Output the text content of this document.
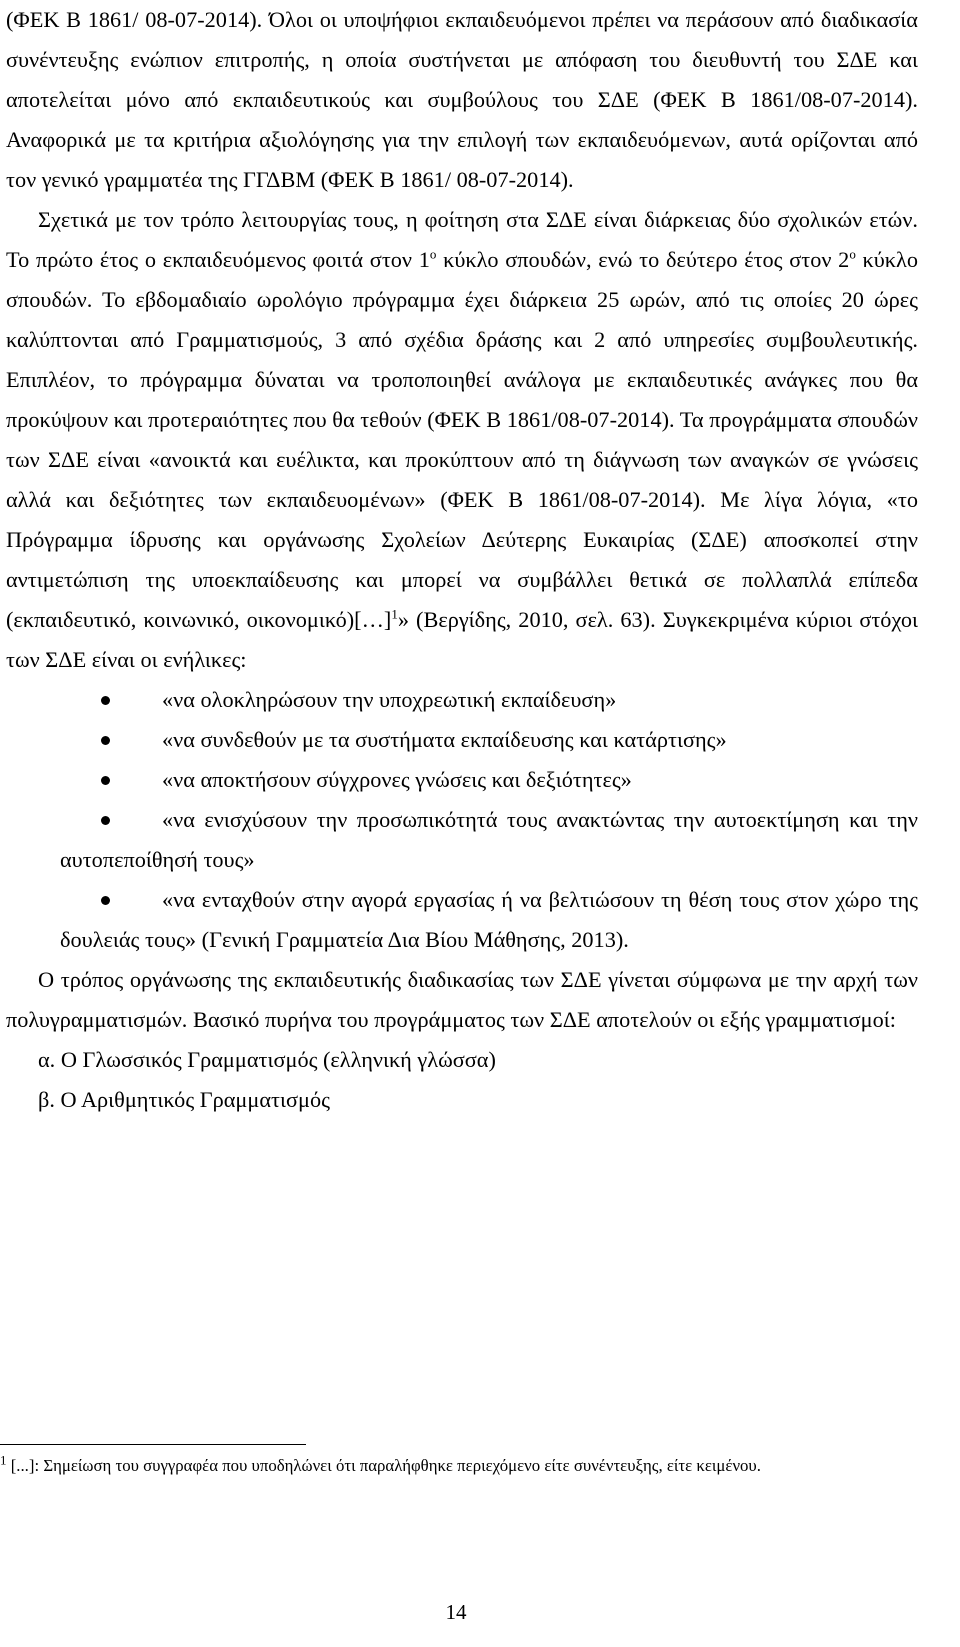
(ΦΕΚ Β 1861/ 08-07-2014). Όλοι οι υποψήφιοι εκπαιδευόμενοι πρέπει να περάσουν από διαδικασία συνέντευξης ενώπιον επιτροπής, η οποία συστήνεται με απόφαση του διευθυντή του ΣΔΕ και αποτελείται μόνο από εκπαιδευτικούς και συμβούλους του ΣΔΕ (ΦΕΚ Β 1861/08-07-2014). Αναφορικά με τα κριτήρια αξιολόγησης για την επιλογή των εκπαιδευόμενων, αυτά ορίζονται από τον γενικό γραμματέα της ΓΓΔΒΜ (ΦΕΚ Β 1861/ 08-07-2014).

Σχετικά με τον τρόπο λειτουργίας τους, η φοίτηση στα ΣΔΕ είναι διάρκειας δύο σχολικών ετών. Το πρώτο έτος ο εκπαιδευόμενος φοιτά στον $1^o$ κύκλο σπουδών, ενώ το δεύτερο έτος στον $2^o$ κύκλο σπουδών. Το εβδομαδιαίο ωρολόγιο πρόγραμμα έχει διάρκεια 25 ωρών, από τις οποίες 20 ώρες καλύπτονται από Γραμματισμούς, 3 από σχέδια δράσης και 2 από υπηρεσίες συμβουλευτικής. Επιπλέον, το πρόγραμμα δύναται να τροποποιηθεί ανάλογα με εκπαιδευτικές ανάγκες που θα προκύψουν και προτεραιότητες που θα τεθούν (ΦΕΚ Β 1861/08-07-2014). Τα προγράμματα σπουδών των ΣΔΕ είναι «ανοικτά και ευέλικτα, και προκύπτουν από τη διάγνωση των αναγκών σε γνώσεις αλλά και δεξιότητες των εκπαιδευομένων» (ΦΕΚ Β 1861/08-07-2014). Με λίγα λόγια, «το Πρόγραμμα ίδρυσης και οργάνωσης Σχολείων Δεύτερης Ευκαιρίας (ΣΔΕ) αποσκοπεί στην αντιμετώπιση της υποεκπαίδευσης και μπορεί να συμβάλλει θετικά σε πολλαπλά επίπεδα (εκπαιδευτικό, κοινωνικό, οικονομικό)[…]$^1$» (Βεργίδης, 2010, σελ. 63). Συγκεκριμένα κύριοι στόχοι των ΣΔΕ είναι οι ενήλικες:

«να ολοκληρώσουν την υποχρεωτική εκπαίδευση»
«να συνδεθούν με τα συστήματα εκπαίδευσης και κατάρτισης»
«να αποκτήσουν σύγχρονες γνώσεις και δεξιότητες»
«να ενισχύσουν την προσωπικότητά τους ανακτώντας την αυτοεκτίμηση και την αυτοπεποίθησή τους»
«να ενταχθούν στην αγορά εργασίας ή να βελτιώσουν τη θέση τους στον χώρο της δουλειάς τους» (Γενική Γραμματεία Δια Βίου Μάθησης, 2013).

Ο τρόπος οργάνωσης της εκπαιδευτικής διαδικασίας των ΣΔΕ γίνεται σύμφωνα με την αρχή των πολυγραμματισμών. Βασικό πυρήνα του προγράμματος των ΣΔΕ αποτελούν οι εξής γραμματισμοί:

α. Ο Γλωσσικός Γραμματισμός (ελληνική γλώσσα)

β. Ο Αριθμητικός Γραμματισμός

$^1$ [...]: Σημείωση του συγγραφέα που υποδηλώνει ότι παραλήφθηκε περιεχόμενο είτε συνέντευξης, είτε κειμένου.
14
